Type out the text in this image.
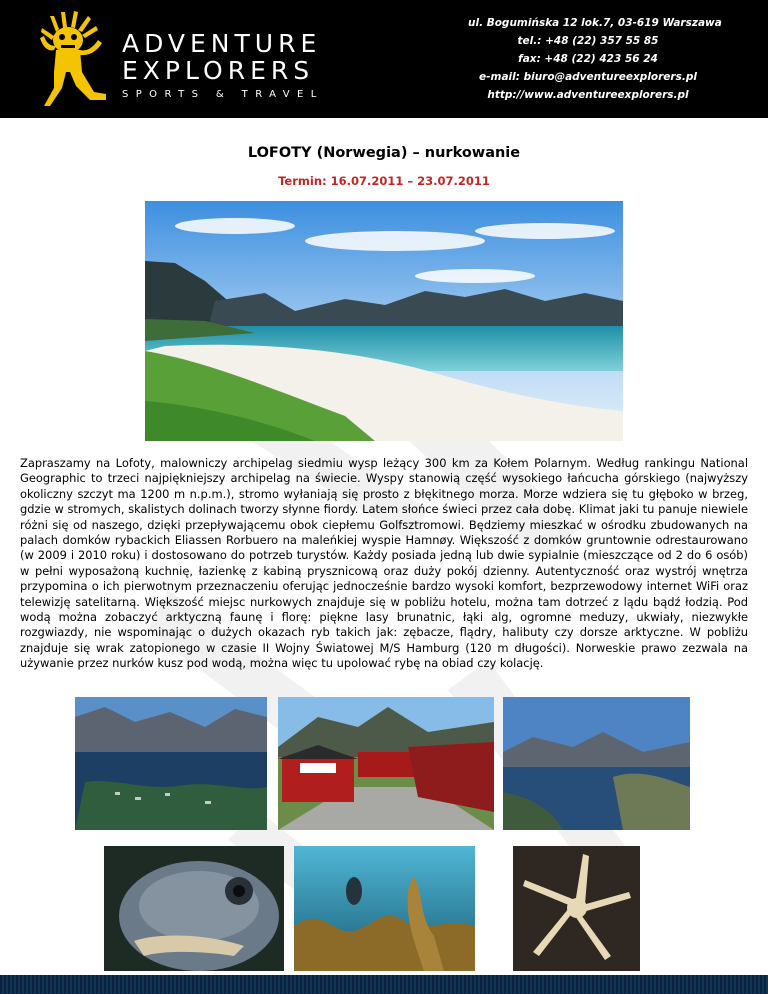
ADVENTURE
EXPLORERS
SPORTS & TRAVEL
ul. Bogumińska 12 lok.7, 03-619 Warszawa
tel.: +48 (22) 357 55 85
fax: +48 (22) 423 56 24
e-mail: biuro@adventureexplorers.pl
http://www.adventureexplorers.pl
LOFOTY (Norwegia) – nurkowanie
Termin: 16.07.2011 – 23.07.2011

Zapraszamy na Lofoty, malowniczy archipelag siedmiu wysp leżący 300 km za Kołem Polarnym. Według rankingu National Geographic to trzeci najpiękniejszy archipelag na świecie. Wyspy stanowią część wysokiego łańcucha górskiego (najwyższy okoliczny szczyt ma 1200 m n.p.m.), stromo wyłaniają się prosto z błękitnego morza. Morze wdziera się tu głęboko w brzeg, gdzie w stromych, skalistych dolinach tworzy słynne fiordy. Latem słońce świeci przez cała dobę. Klimat jaki tu panuje niewiele różni się od naszego, dzięki przepływającemu obok ciepłemu Golfsztromowi. Będziemy mieszkać w ośrodku zbudowanych na palach domków rybackich Eliassen Rorbuero na maleńkiej wyspie Hamnøy. Większość z domków gruntownie odrestaurowano (w 2009 i 2010 roku) i dostosowano do potrzeb turystów. Każdy posiada jedną lub dwie sypialnie (mieszczące od 2 do 6 osób) w pełni wyposażoną kuchnię, łazienkę z kabiną prysznicową oraz duży pokój dzienny. Autentyczność oraz wystrój wnętrza przypomina o ich pierwotnym przeznaczeniu oferując jednocześnie bardzo wysoki komfort, bezprzewodowy internet WiFi oraz telewizję satelitarną. Większość miejsc nurkowych znajduje się w pobliżu hotelu, można tam dotrzeć z lądu bądź łodzią. Pod wodą można zobaczyć arktyczną faunę i florę: piękne lasy brunatnic, łąki alg, ogromne meduzy, ukwiały, niezwykłe rozgwiazdy, nie wspominając o dużych okazach ryb takich jak: zębacze, flądry, halibuty czy dorsze arktyczne. W pobliżu znajduje się wrak zatopionego w czasie II Wojny Światowej M/S Hamburg (120 m długości). Norweskie prawo zezwala na używanie przez nurków kusz pod wodą, można więc tu upolować rybę na obiad czy kolację.
